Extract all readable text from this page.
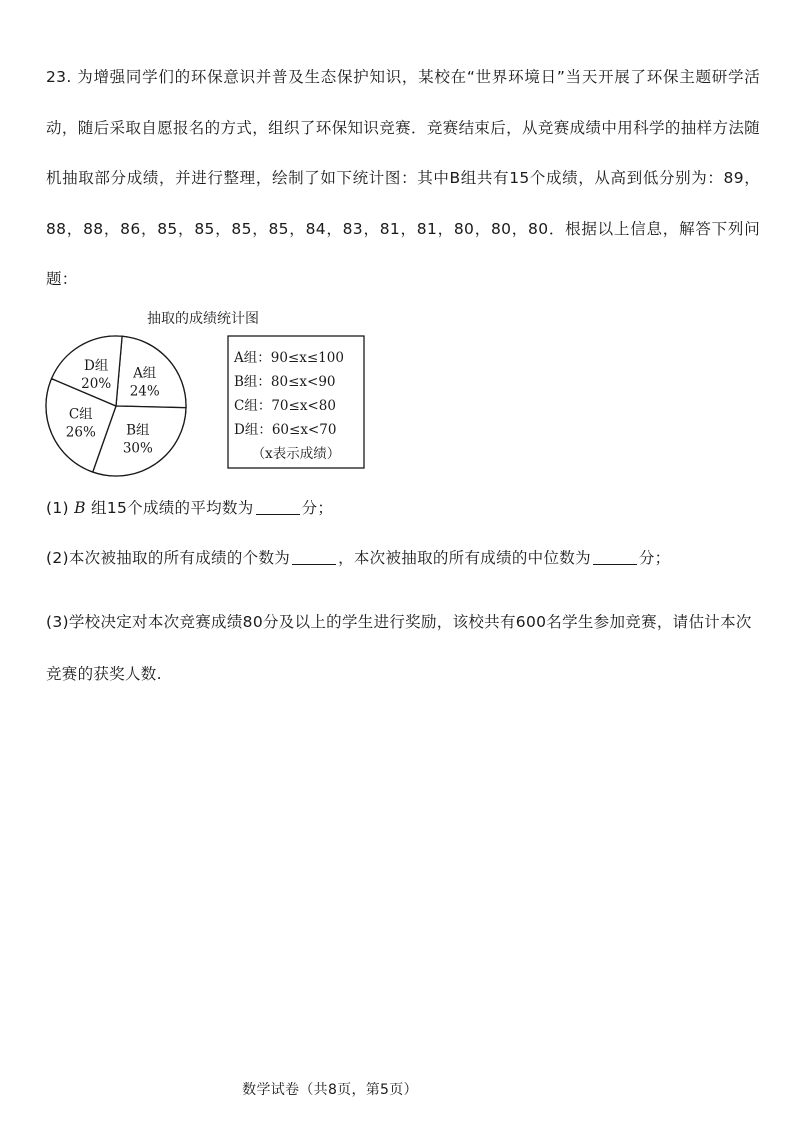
23. 为增强同学们的环保意识并普及生态保护知识，某校在“世界环境日”当天开展了环保主题研学活动，随后采取自愿报名的方式，组织了环保知识竞赛．竞赛结束后，从竞赛成绩中用科学的抽样方法随机抽取部分成绩，并进行整理，绘制了如下统计图：其中B组共有15个成绩，从高到低分别为：89，88，88，86，85，85，85，85，84，83，81，81，80，80，80．根据以上信息，解答下列问题：

抽取的成绩统计图
A组
24%
B组
30%
C组
26%
D组
20%
A组：90≤x≤100
B组：80≤x<90
C组：70≤x<80
D组：60≤x<70
（x表示成绩）
(1) B 组15个成绩的平均数为	分；
(2)本次被抽取的所有成绩的个数为	，本次被抽取的所有成绩的中位数为	分；
(3)学校决定对本次竞赛成绩80分及以上的学生进行奖励，该校共有600名学生参加竞赛，请估计本次竞赛的获奖人数.
数学试卷（共8页，第5页）
